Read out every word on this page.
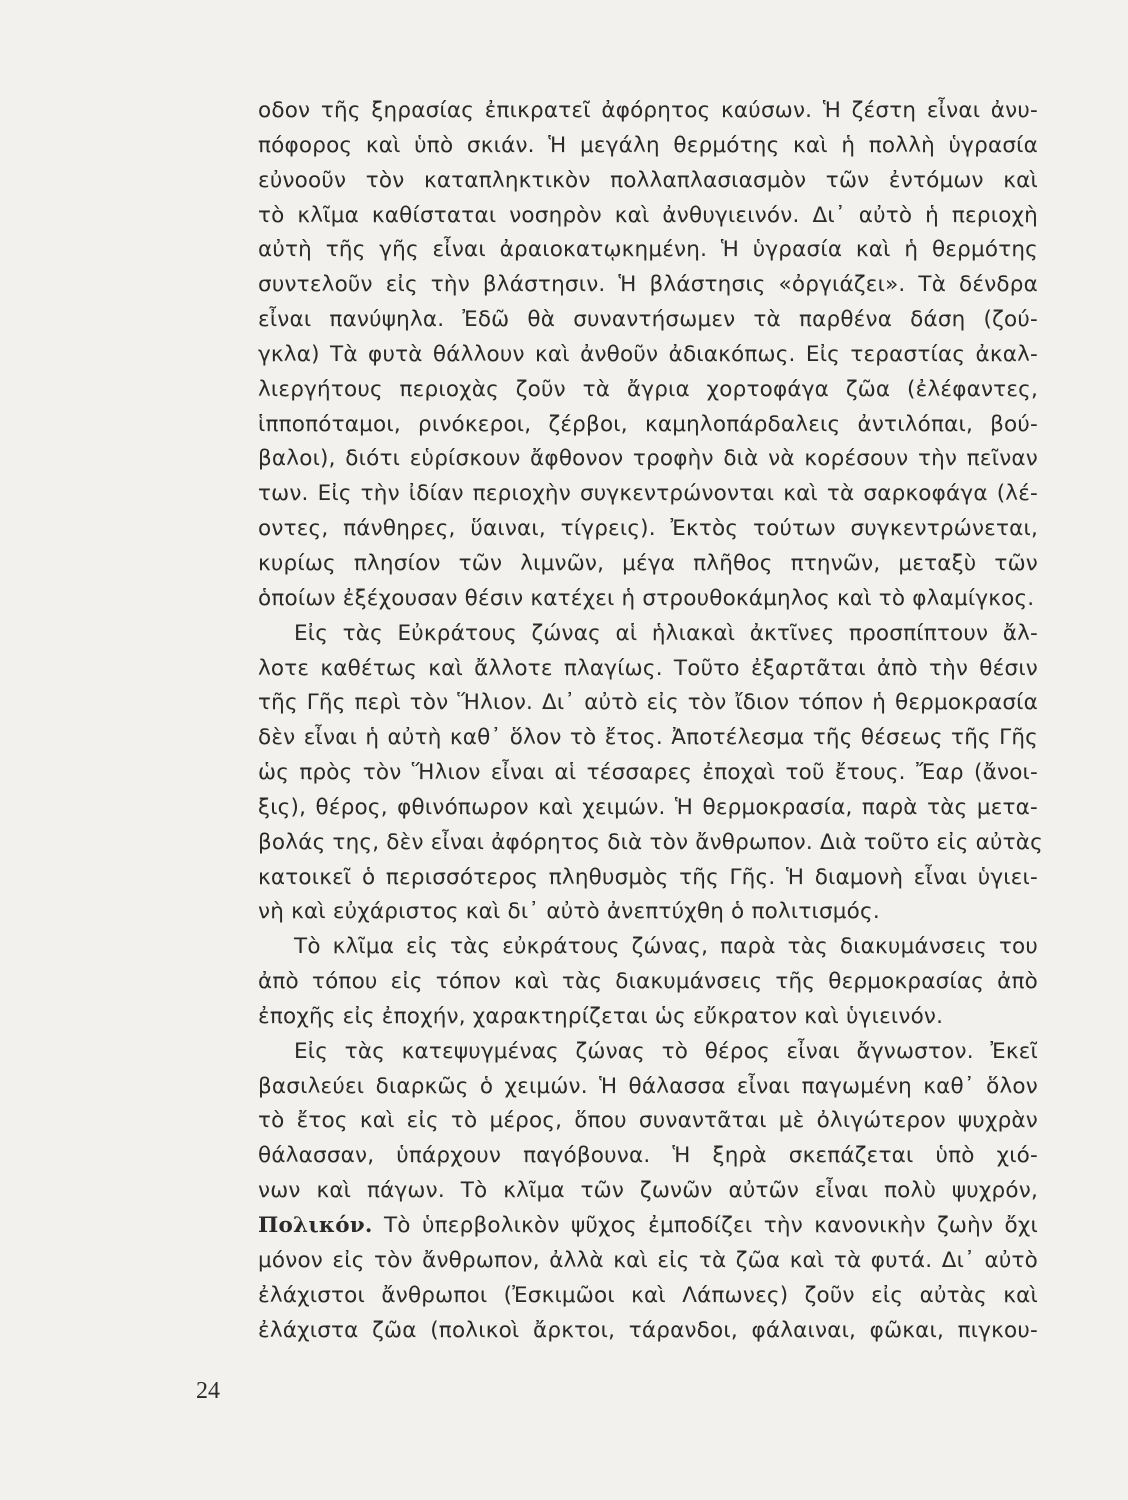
οδον τῆς ξηρασίας ἐπικρατεῖ ἀφόρητος καύσων. Ἡ ζέστη εἶναι ἀνυ-
πόφορος καὶ ὑπὸ σκιάν. Ἡ μεγάλη θερμότης καὶ ἡ πολλὴ ὑγρασία
εὐνοοῦν τὸν καταπληκτικὸν πολλαπλασιασμὸν τῶν ἐντόμων καὶ
τὸ κλῖμα καθίσταται νοσηρὸν καὶ ἀνθυγιεινόν. Δι᾽ αὐτὸ ἡ περιοχὴ
αὐτὴ τῆς γῆς εἶναι ἀραιοκατῳκημένη. Ἡ ὑγρασία καὶ ἡ θερμότης
συντελοῦν εἰς τὴν βλάστησιν. Ἡ βλάστησις «ὀργιάζει». Τὰ δένδρα
εἶναι πανύψηλα. Ἐδῶ θὰ συναντήσωμεν τὰ παρθένα δάση (ζού-
γκλα) Τὰ φυτὰ θάλλουν καὶ ἀνθοῦν ἀδιακόπως. Εἰς τεραστίας ἀκαλ-
λιεργήτους περιοχὰς ζοῦν τὰ ἄγρια χορτοφάγα ζῶα (ἐλέφαντες,
ἱπποπόταμοι, ρινόκεροι, ζέρβοι, καμηλοπάρδαλεις ἀντιλόπαι, βού-
βαλοι), διότι εὑρίσκουν ἄφθονον τροφὴν διὰ νὰ κορέσουν τὴν πεῖναν
των. Εἰς τὴν ἰδίαν περιοχὴν συγκεντρώνονται καὶ τὰ σαρκοφάγα (λέ-
οντες, πάνθηρες, ὕαιναι, τίγρεις). Ἐκτὸς τούτων συγκεντρώνεται,
κυρίως πλησίον τῶν λιμνῶν, μέγα πλῆθος πτηνῶν, μεταξὺ τῶν
ὁποίων ἐξέχουσαν θέσιν κατέχει ἡ στρουθοκάμηλος καὶ τὸ φλαμίγκος.
Εἰς τὰς Εὐκράτους ζώνας αἱ ἡλιακαὶ ἀκτῖνες προσπίπτουν ἄλ-
λοτε καθέτως καὶ ἄλλοτε πλαγίως. Τοῦτο ἐξαρτᾶται ἀπὸ τὴν θέσιν
τῆς Γῆς περὶ τὸν Ἥλιον. Δι᾽ αὐτὸ εἰς τὸν ἴδιον τόπον ἡ θερμοκρασία
δὲν εἶναι ἡ αὐτὴ καθ᾽ ὅλον τὸ ἔτος. Ἀποτέλεσμα τῆς θέσεως τῆς Γῆς
ὡς πρὸς τὸν Ἥλιον εἶναι αἱ τέσσαρες ἐποχαὶ τοῦ ἔτους. Ἔαρ (ἄνοι-
ξις), θέρος, φθινόπωρον καὶ χειμών. Ἡ θερμοκρασία, παρὰ τὰς μετα-
βολάς της, δὲν εἶναι ἀφόρητος διὰ τὸν ἄνθρωπον. Διὰ τοῦτο εἰς αὐτὰς
κατοικεῖ ὁ περισσότερος πληθυσμὸς τῆς Γῆς. Ἡ διαμονὴ εἶναι ὑγιει-
νὴ καὶ εὐχάριστος καὶ δι᾽ αὐτὸ ἀνεπτύχθη ὁ πολιτισμός.
Τὸ κλῖμα εἰς τὰς εὐκράτους ζώνας, παρὰ τὰς διακυμάνσεις του
ἀπὸ τόπου εἰς τόπον καὶ τὰς διακυμάνσεις τῆς θερμοκρασίας ἀπὸ
ἐποχῆς εἰς ἐποχήν, χαρακτηρίζεται ὡς εὔκρατον καὶ ὑγιεινόν.
Εἰς τὰς κατεψυγμένας ζώνας τὸ θέρος εἶναι ἄγνωστον. Ἐκεῖ
βασιλεύει διαρκῶς ὁ χειμών. Ἡ θάλασσα εἶναι παγωμένη καθ᾽ ὅλον
τὸ ἔτος καὶ εἰς τὸ μέρος, ὅπου συναντᾶται μὲ ὀλιγώτερον ψυχρὰν
θάλασσαν, ὑπάρχουν παγόβουνα. Ἡ ξηρὰ σκεπάζεται ὑπὸ χιό-
νων καὶ πάγων. Τὸ κλῖμα τῶν ζωνῶν αὐτῶν εἶναι πολὺ ψυχρόν,
Πολικόν. Τὸ ὑπερβολικὸν ψῦχος ἐμποδίζει τὴν κανονικὴν ζωὴν ὄχι
μόνον εἰς τὸν ἄνθρωπον, ἀλλὰ καὶ εἰς τὰ ζῶα καὶ τὰ φυτά. Δι᾽ αὐτὸ
ἐλάχιστοι ἄνθρωποι (Ἐσκιμῶοι καὶ Λάπωνες) ζοῦν εἰς αὐτὰς καὶ
ἐλάχιστα ζῶα (πολικοὶ ἄρκτοι, τάρανδοι, φάλαιναι, φῶκαι, πιγκου-
24
